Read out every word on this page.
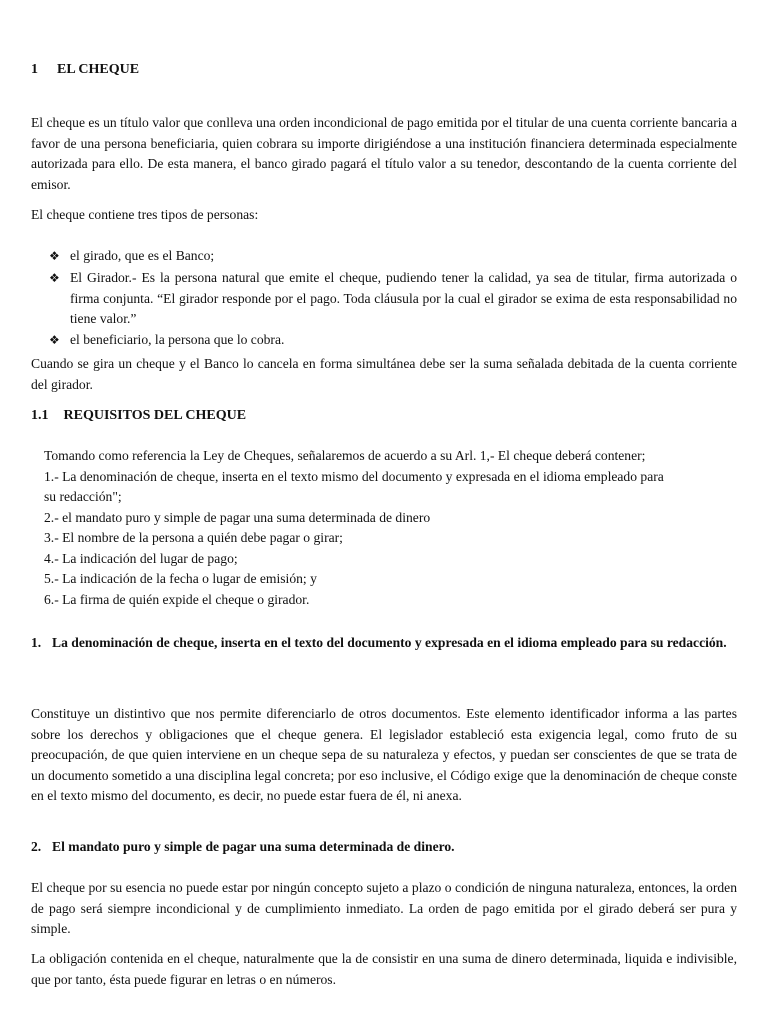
1 EL CHEQUE
El cheque es un título valor que conlleva una orden incondicional de pago emitida por el titular de una cuenta corriente bancaria a favor de una persona beneficiaria, quien cobrara su importe dirigiéndose a una institución financiera determinada especialmente autorizada para ello. De esta manera, el banco girado pagará el título valor a su tenedor, descontando de la cuenta corriente del emisor.
El cheque contiene tres tipos de personas:
❖ el girado, que es el Banco;
❖ El Girador.- Es la persona natural que emite el cheque, pudiendo tener la calidad, ya sea de titular, firma autorizada o firma conjunta. “El girador responde por el pago. Toda cláusula por la cual el girador se exima de esta responsabilidad no tiene valor.”
❖ el beneficiario, la persona que lo cobra.
Cuando se gira un cheque y el Banco lo cancela en forma simultánea debe ser la suma señalada debitada de la cuenta corriente del girador.
1.1 REQUISITOS DEL CHEQUE
Tomando como referencia la Ley de Cheques, señalaremos de acuerdo a su Arl. 1,- El cheque deberá contener;
1.- La denominación de cheque, inserta en el texto mismo del documento y expresada en el idioma empleado para
su redacción";
2.- el mandato puro y simple de pagar una suma determinada de dinero
3.- El nombre de la persona a quién debe pagar o girar;
4.- La indicación del lugar de pago;
5.- La indicación de la fecha o lugar de emisión; y
6.- La firma de quién expide el cheque o girador.
1. La denominación de cheque, inserta en el texto del documento y expresada en el idioma empleado para su redacción.
Constituye un distintivo que nos permite diferenciarlo de otros documentos. Este elemento identificador informa a las partes sobre los derechos y obligaciones que el cheque genera. El legislador estableció esta exigencia legal, como fruto de su preocupación, de que quien interviene en un cheque sepa de su naturaleza y efectos, y puedan ser conscientes de que se trata de un documento sometido a una disciplina legal concreta; por eso inclusive, el Código exige que la denominación de cheque conste en el texto mismo del documento, es decir, no puede estar fuera de él, ni anexa.
2. El mandato puro y simple de pagar una suma determinada de dinero.
El cheque por su esencia no puede estar por ningún concepto sujeto a plazo o condición de ninguna naturaleza, entonces, la orden de pago será siempre incondicional y de cumplimiento inmediato. La orden de pago emitida por el girado deberá ser pura y simple.
La obligación contenida en el cheque, naturalmente que la de consistir en una suma de dinero determinada, liquida e indivisible, que por tanto, ésta puede figurar en letras o en números.
